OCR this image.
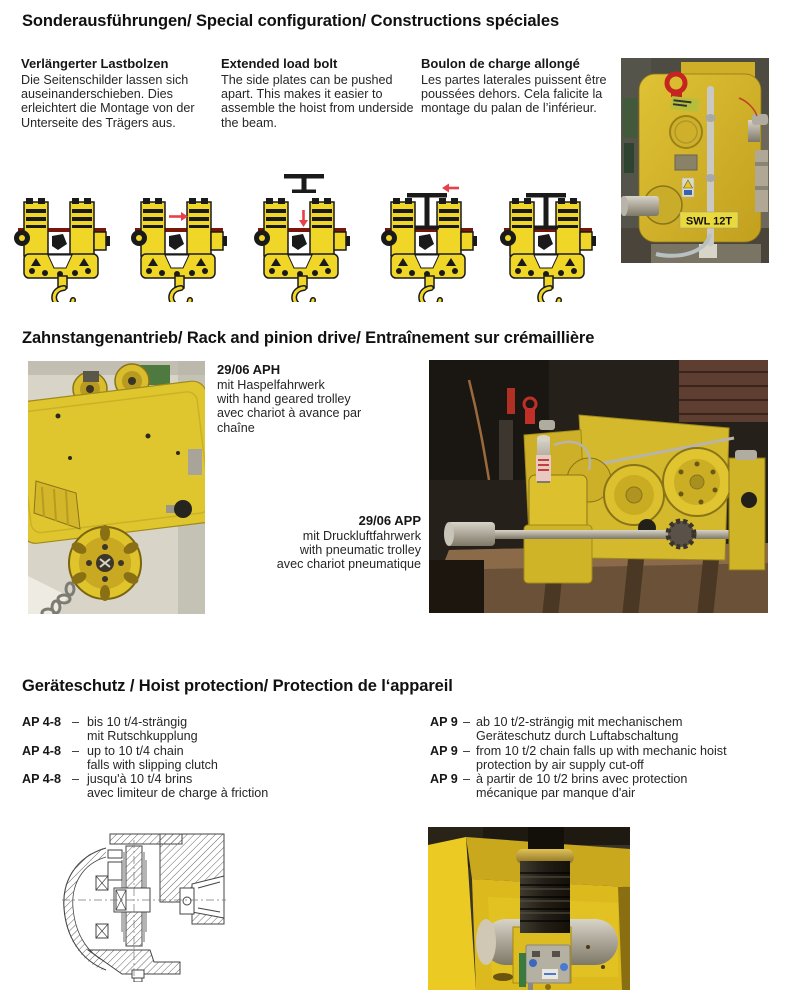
Sonderausführungen/ Special configuration/ Constructions spéciales
Verlängerter Lastbolzen
Die Seitenschilder lassen sich auseinanderschieben. Dies erleichtert die Montage von der Unterseite des Trägers aus.
Extended load bolt
The side plates can be pushed apart. This makes it easier to assemble the hoist from underside the beam.
Boulon de charge allongé
Les partes laterales puissent être poussées dehors. Cela falicite la montage du palan de l’inférieur.
SWL 12T
Zahnstangenantrieb/ Rack and pinion drive/ Entraînement sur crémaillière
29/06 APH
mit Haspelfahrwerk
with hand geared trolley
avec chariot à avance par
chaîne
29/06 APP
mit Druckluftfahrwerk
with pneumatic trolley
avec chariot pneumatique
Geräteschutz / Hoist protection/ Protection de l‘appareil
AP 4-8 – bis 10 t/4-strängig
mit Rutschkupplung
AP 4-8 – up to 10 t/4 chain
falls with slipping clutch
AP 4-8 – jusqu'à 10 t/4 brins
avec limiteur de charge à friction
AP 9 – ab 10 t/2-strängig mit mechanischem
Geräteschutz durch Luftabschaltung
AP 9 – from 10 t/2 chain falls up with mechanic hoist
protection by air supply cut-off
AP 9 – à partir de 10 t/2 brins avec protection
mécanique par manque d'air
